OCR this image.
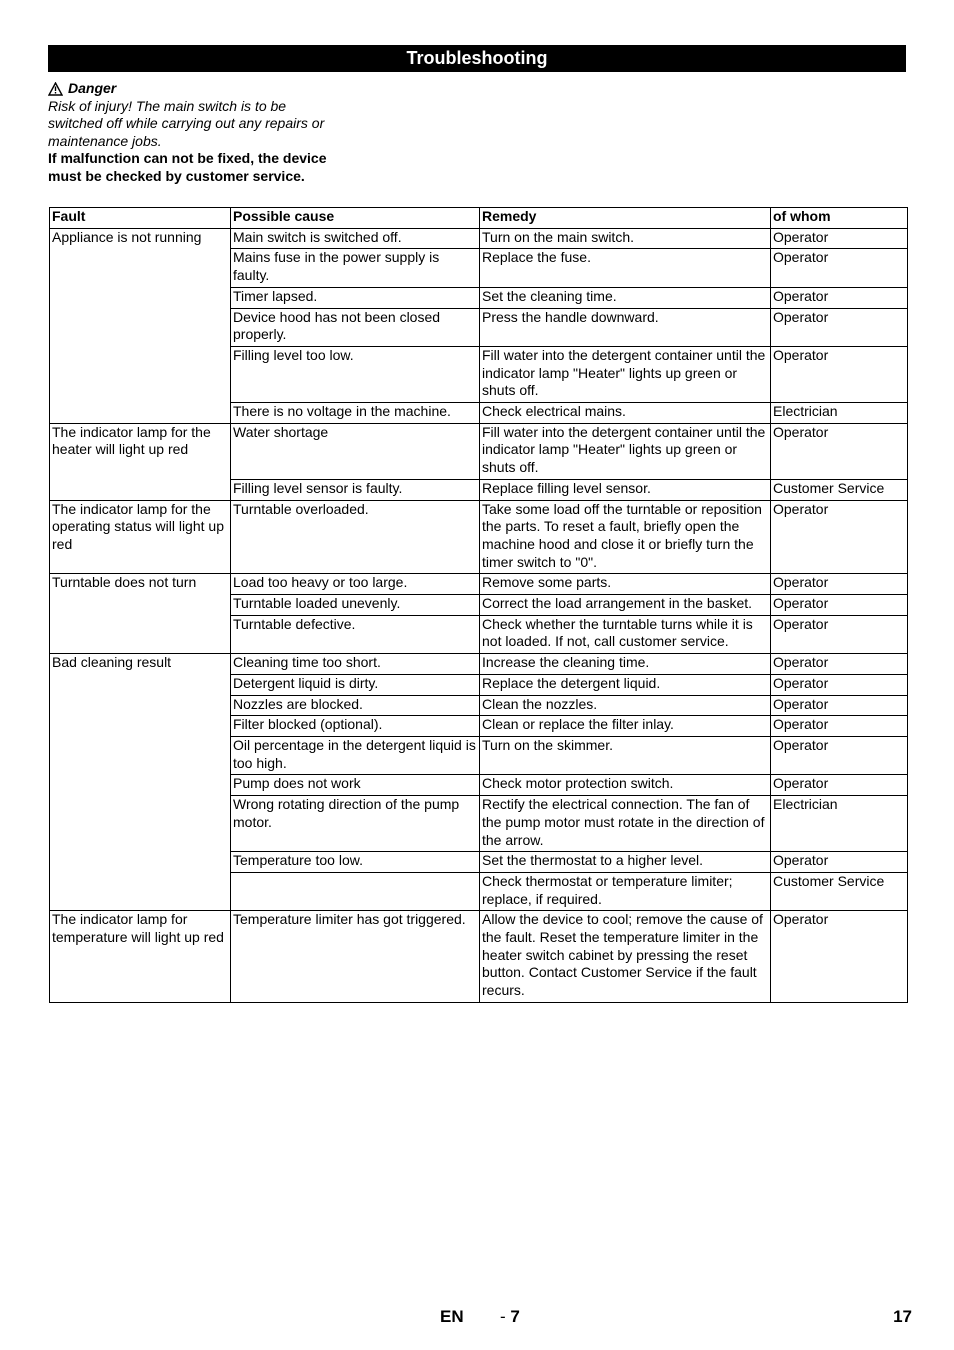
Troubleshooting
Danger
Risk of injury! The main switch is to be switched off while carrying out any repairs or maintenance jobs.
If malfunction can not be fixed, the device must be checked by customer service.
Fault	Possible cause	Remedy	of whom
Appliance is not running	Main switch is switched off.	Turn on the main switch.	Operator
	Mains fuse in the power supply is faulty.	Replace the fuse.	Operator
	Timer lapsed.	Set the cleaning time.	Operator
	Device hood has not been closed properly.	Press the handle downward.	Operator
	Filling level too low.	Fill water into the detergent container until the indicator lamp "Heater" lights up green or shuts off.	Operator
	There is no voltage in the machine.	Check electrical mains.	Electrician
The indicator lamp for the heater will light up red	Water shortage	Fill water into the detergent container until the indicator lamp "Heater" lights up green or shuts off.	Operator
	Filling level sensor is faulty.	Replace filling level sensor.	Customer Service
The indicator lamp for the operating status will light up red	Turntable overloaded.	Take some load off the turntable or reposition the parts. To reset a fault, briefly open the machine hood and close it or briefly turn the timer switch to "0".	Operator
Turntable does not turn	Load too heavy or too large.	Remove some parts.	Operator
	Turntable loaded unevenly.	Correct the load arrangement in the basket.	Operator
	Turntable defective.	Check whether the turntable turns while it is not loaded. If not, call customer service.	Operator
Bad cleaning result	Cleaning time too short.	Increase the cleaning time.	Operator
	Detergent liquid is dirty.	Replace the detergent liquid.	Operator
	Nozzles are blocked.	Clean the nozzles.	Operator
	Filter blocked (optional).	Clean or replace the filter inlay.	Operator
	Oil percentage in the detergent liquid is too high.	Turn on the skimmer.	Operator
	Pump does not work	Check motor protection switch.	Operator
	Wrong rotating direction of the pump motor.	Rectify the electrical connection. The fan of the pump motor must rotate in the direction of the arrow.	Electrician
	Temperature too low.	Set the thermostat to a higher level.	Operator
		Check thermostat or temperature limiter; replace, if required.	Customer Service
The indicator lamp for temperature will light up red	Temperature limiter has got triggered.	Allow the device to cool; remove the cause of the fault. Reset the temperature limiter in the heater switch cabinet by pressing the reset button. Contact Customer Service if the fault recurs.	Operator
EN - 7	17
